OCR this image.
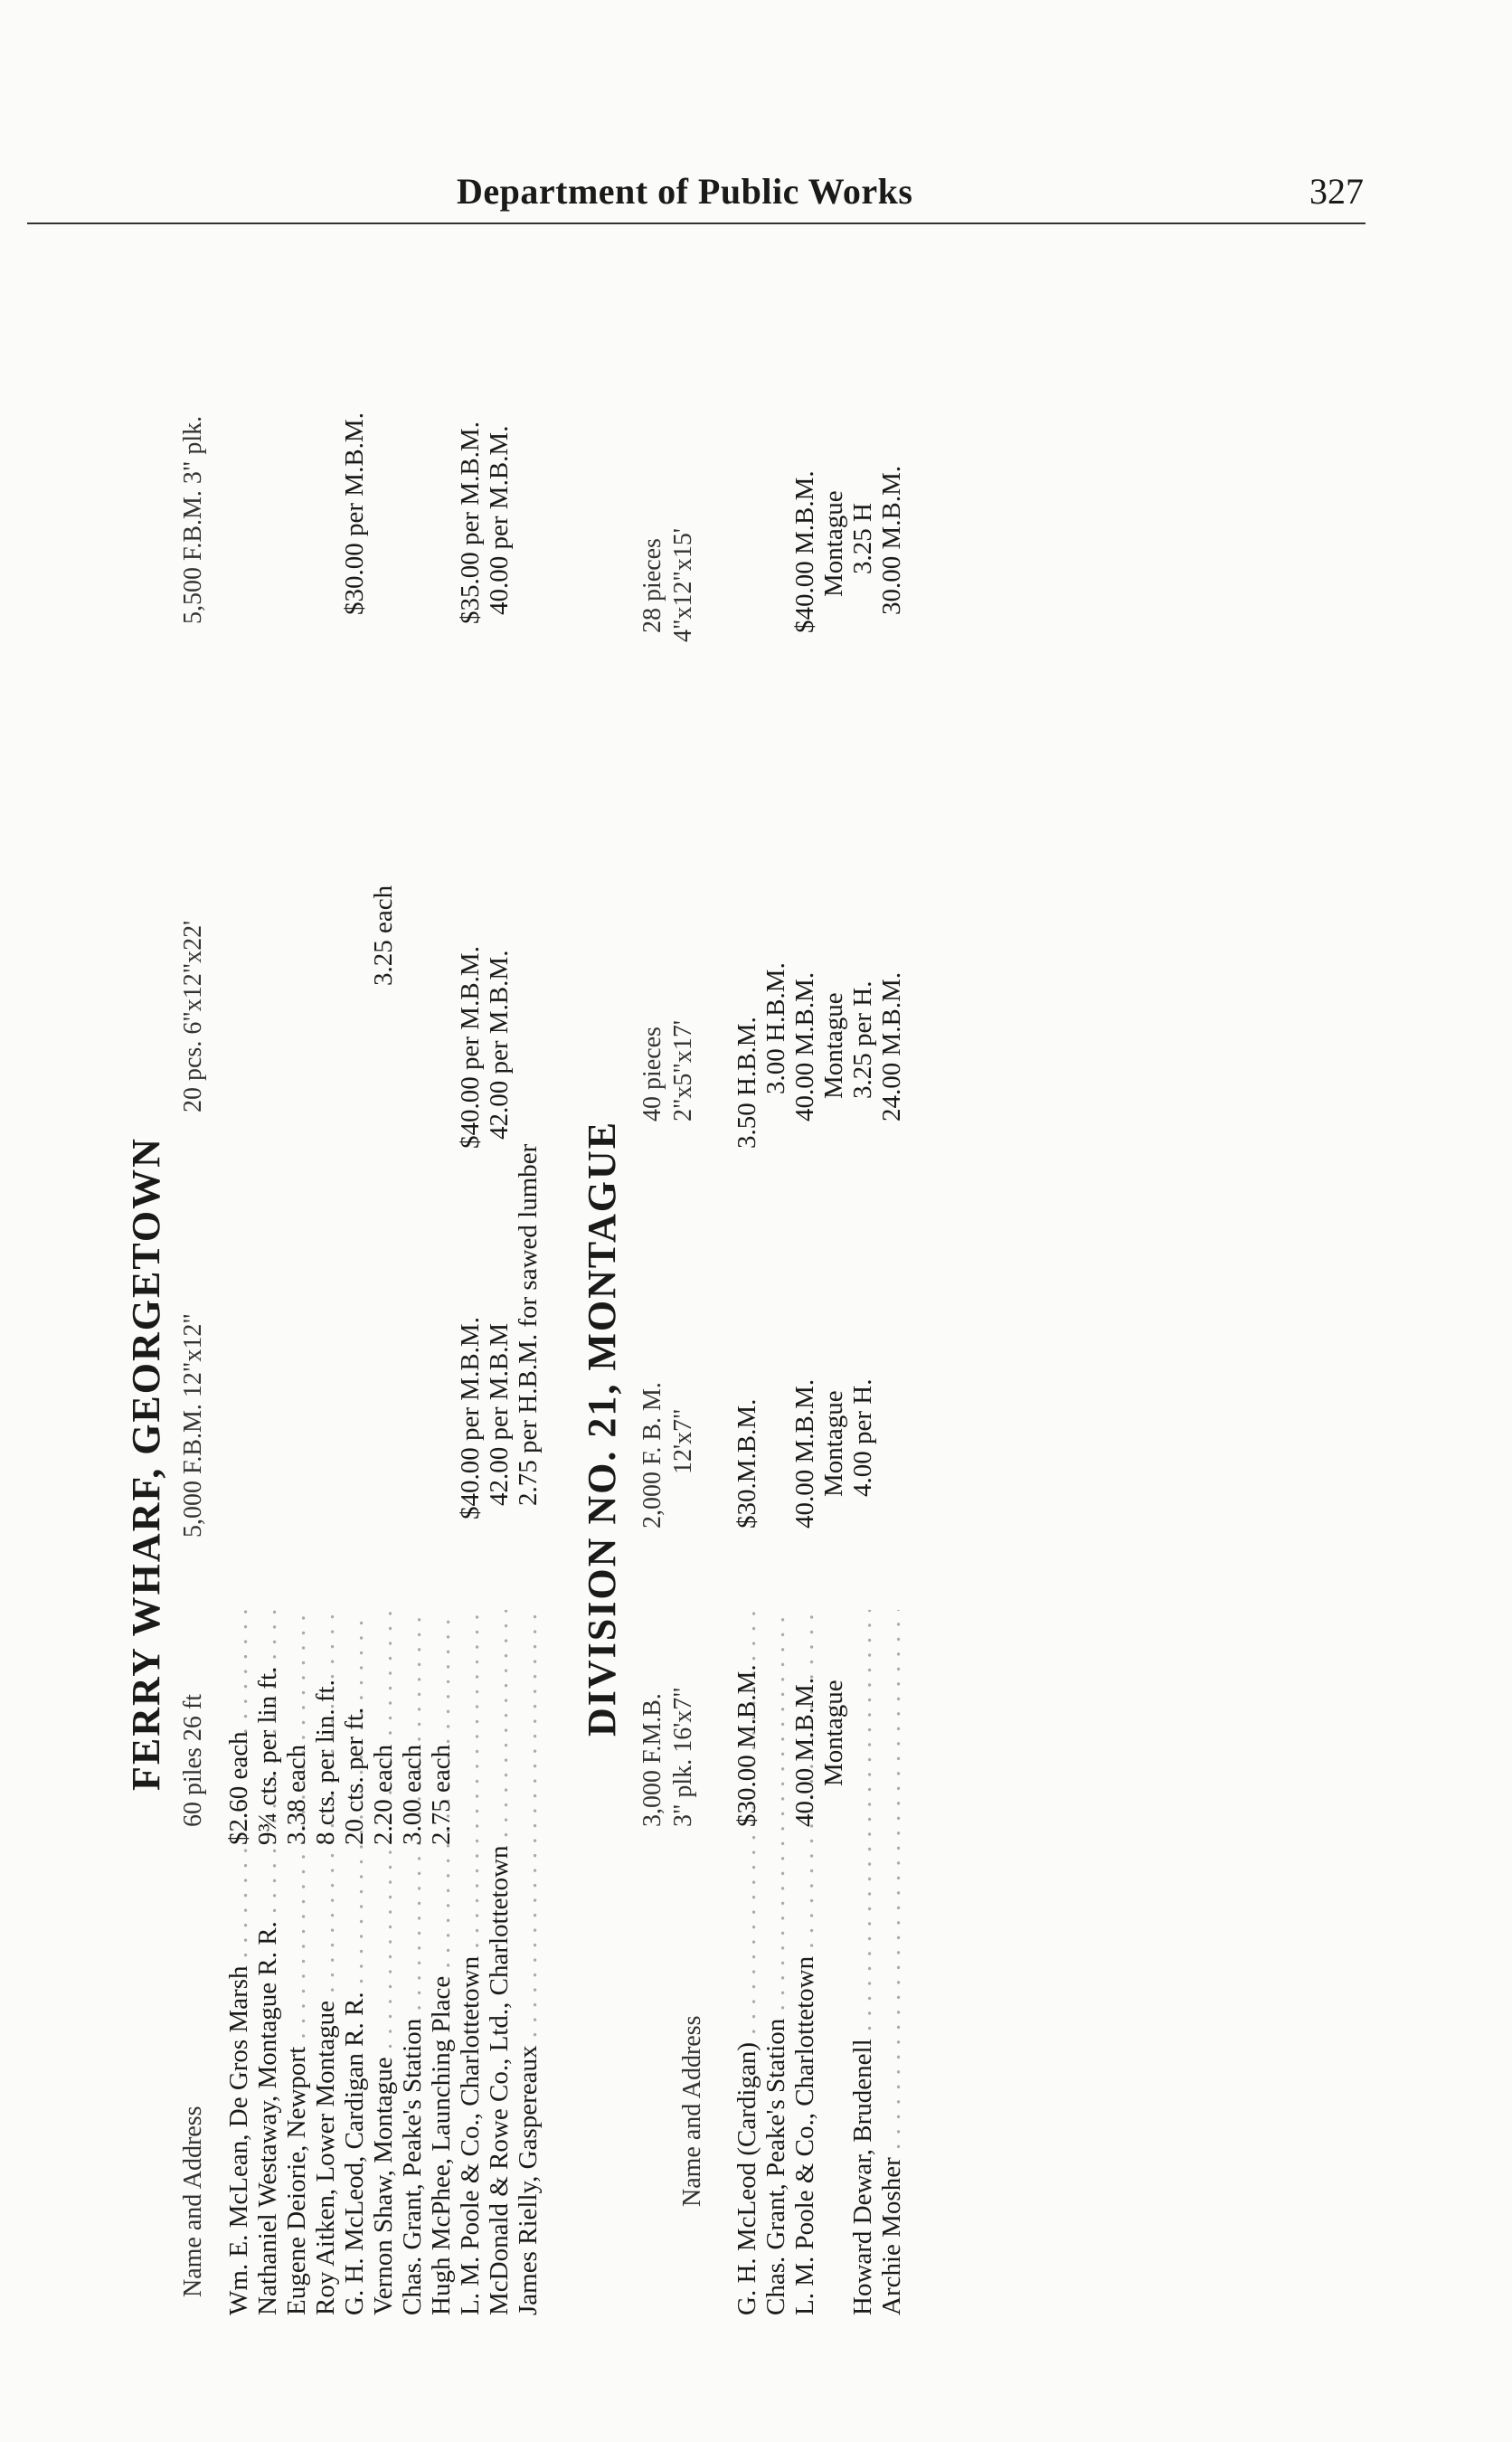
Department of Public Works	327
FERRY WHARF, GEORGETOWN
Name and Address
60 piles 26 ft
5,000 F.B.M. 12"x12"
20 pcs. 6"x12"x22'
5,500 F.B.M. 3" plk.
Wm. E. McLean, De Gros Marsh . . .
$2.60 each
Nathaniel Westaway, Montague R. R. . . .
9¾ cts. per lin ft.
Eugene Deiorie, Newport . . .
3.38 each
Roy Aitken, Lower Montague . . .
8 cts. per lin. ft.
G. H. McLeod, Cardigan R. R. . . .
20 cts. per ft.
$30.00 per M.B.M.
Vernon Shaw, Montague . . .
2.20 each
3.25 each
Chas. Grant, Peake's Station . . .
3.00 each
Hugh McPhee, Launching Place . . .
2.75 each
L. M. Poole & Co., Charlottetown . . .
$40.00 per M.B.M.
$40.00 per M.B.M.
$35.00 per M.B.M.
McDonald & Rowe Co., Ltd., Charlottetown . . .
42.00 per M.B.M
42.00 per M.B.M.
40.00 per M.B.M.
James Rielly, Gaspereaux . . .
2.75 per H.B.M. for sawed lumber DIVISION NO. 21, MONTAGUE
Name and Address
3,000 F.M.B. 3" plk. 16'x7"
2,000 F. B. M. 12'x7"
40 pieces 2"x5"x17'
28 pieces 4"x12"x15'
G. H. McLeod (Cardigan) . . .
$30.00 M.B.M.
$30.M.B.M.
3.50 H.B.M.
Chas. Grant, Peake's Station . . .
3.00 H.B.M.
L. M. Poole & Co., Charlottetown . . .
40.00 M.B.M. Montague
40.00 M.B.M. Montague 4.00 per H.
40.00 M.B.M. Montague 3.25 per H.
$40.00 M.B.M. Montague 3.25 H
Howard Dewar, Brudenell . . . Archie Mosher . . .
24.00 M.B.M.
30.00 M.B.M.
